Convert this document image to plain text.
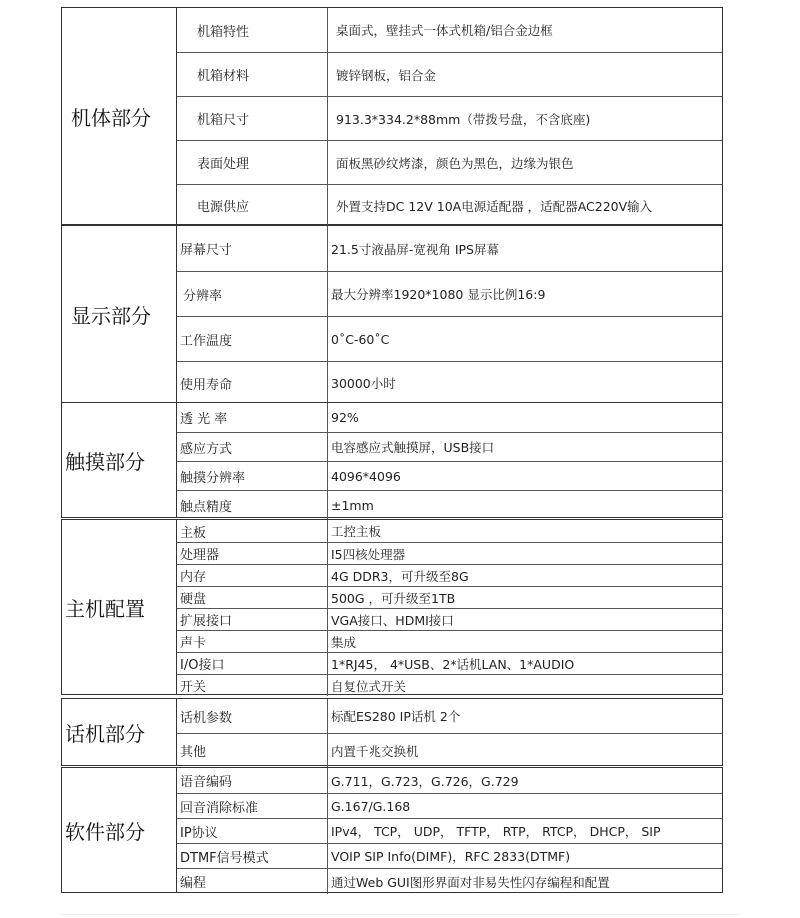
机体部分
机箱特性	桌面式，壁挂式一体式机箱/铝合金边框
机箱材料	镀锌钢板，铝合金
机箱尺寸	913.3*334.2*88mm（带拨号盘，不含底座)
表面处理	面板黑砂纹烤漆，颜色为黑色，边缘为银色
电源供应	外置支持DC 12V 10A电源适配器 ，适配器AC220V输入
显示部分
屏幕尺寸	21.5寸液晶屏-宽视角 IPS屏幕
分辨率	最大分辨率1920*1080 显示比例16:9
工作温度	0˚C-60˚C
使用寿命	30000小时
触摸部分
透 光 率	92%
感应方式	电容感应式触摸屏，USB接口
触摸分辨率	4096*4096
触点精度	±1mm
主机配置
主板	工控主板
处理器	I5四核处理器
内存	4G DDR3，可升级至8G
硬盘	500G ，可升级至1TB
扩展接口	VGA接口、HDMI接口
声卡	集成
I/O接口	1*RJ45， 4*USB、2*话机LAN、1*AUDIO
开关	自复位式开关
话机部分
话机参数	标配ES280 IP话机 2个
其他	内置千兆交换机
软件部分
语音编码	G.711，G.723，G.726，G.729
回音消除标准	G.167/G.168
IP协议	IPv4， TCP， UDP， TFTP， RTP， RTCP， DHCP， SIP
DTMF信号模式	VOIP SIP Info(DIMF)，RFC 2833(DTMF)
编程	通过Web GUI图形界面对非易失性闪存编程和配置
